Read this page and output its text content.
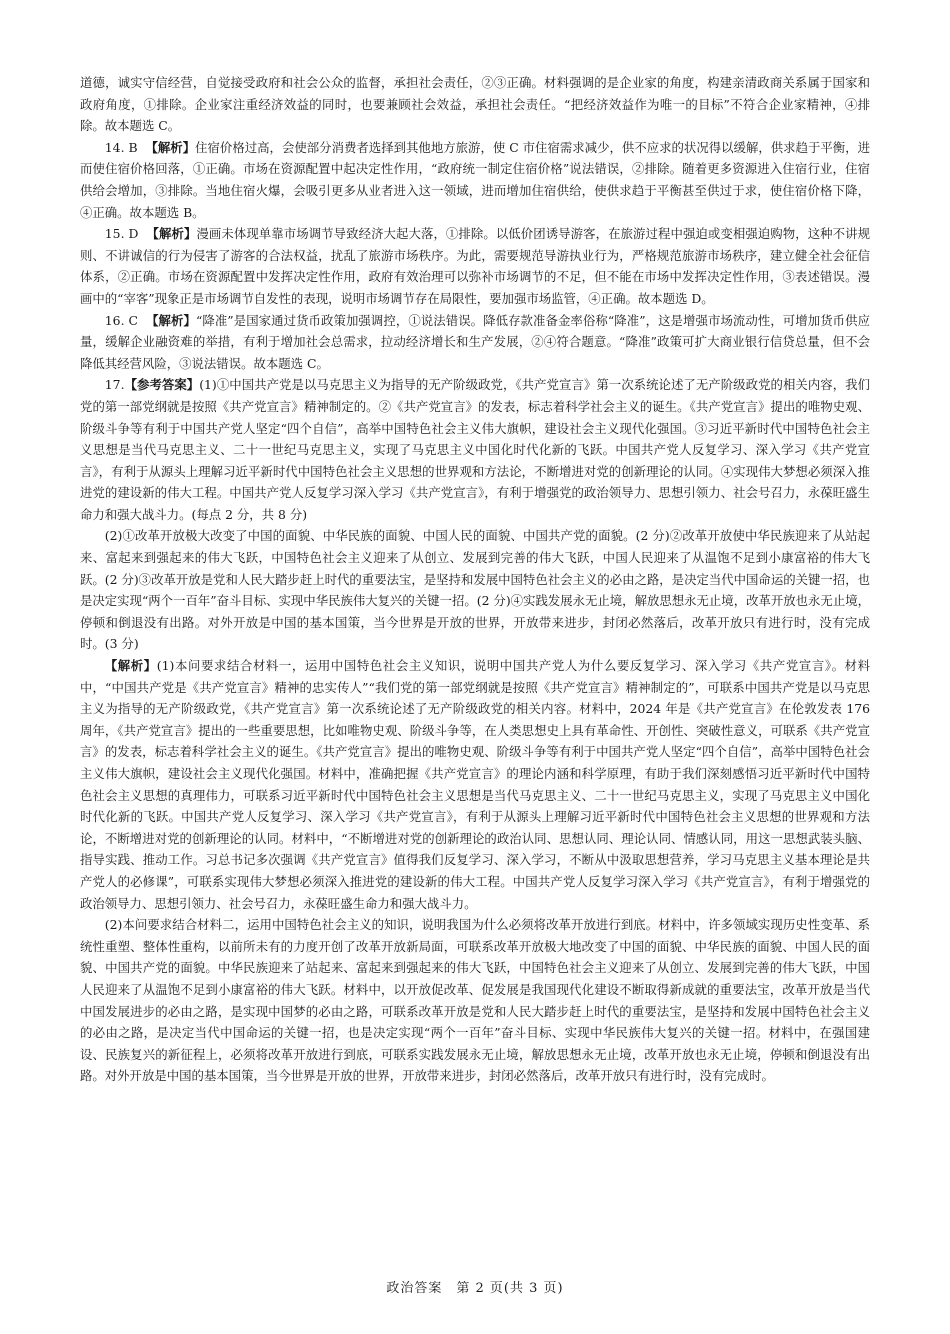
道德，诚实守信经营，自觉接受政府和社会公众的监督，承担社会责任，②③正确。材料强调的是企业家的角度，构建亲清政商关系属于国家和政府角度，①排除。企业家注重经济效益的同时，也要兼顾社会效益，承担社会责任。“把经济效益作为唯一的目标”不符合企业家精神，④排除。故本题选 C。

14. B 【解析】住宿价格过高，会使部分消费者选择到其他地方旅游，使 C 市住宿需求减少，供不应求的状况得以缓解，供求趋于平衡，进而使住宿价格回落，①正确。市场在资源配置中起决定性作用，“政府统一制定住宿价格”说法错误，②排除。随着更多资源进入住宿行业，住宿供给会增加，③排除。当地住宿火爆，会吸引更多从业者进入这一领域，进而增加住宿供给，使供求趋于平衡甚至供过于求，使住宿价格下降，④正确。故本题选 B。

15. D 【解析】漫画未体现单靠市场调节导致经济大起大落，①排除。以低价团诱导游客，在旅游过程中强迫或变相强迫购物，这种不讲规则、不讲诚信的行为侵害了游客的合法权益，扰乱了旅游市场秩序。为此，需要规范导游执业行为，严格规范旅游市场秩序，建立健全社会征信体系，②正确。市场在资源配置中发挥决定性作用，政府有效治理可以弥补市场调节的不足，但不能在市场中发挥决定性作用，③表述错误。漫画中的“宰客”现象正是市场调节自发性的表现，说明市场调节存在局限性，要加强市场监管，④正确。故本题选 D。

16. C 【解析】“降准”是国家通过货币政策加强调控，①说法错误。降低存款准备金率俗称“降准”，这是增强市场流动性，可增加货币供应量，缓解企业融资难的举措，有利于增加社会总需求，拉动经济增长和生产发展，②④符合题意。“降准”政策可扩大商业银行信贷总量，但不会降低其经营风险，③说法错误。故本题选 C。

17.【参考答案】(1)①中国共产党是以马克思主义为指导的无产阶级政党，《共产党宣言》第一次系统论述了无产阶级政党的相关内容，我们党的第一部党纲就是按照《共产党宣言》精神制定的。②《共产党宣言》的发表，标志着科学社会主义的诞生。《共产党宣言》提出的唯物史观、阶级斗争等有利于中国共产党人坚定“四个自信”，高举中国特色社会主义伟大旗帜，建设社会主义现代化强国。③习近平新时代中国特色社会主义思想是当代马克思主义、二十一世纪马克思主义，实现了马克思主义中国化时代化新的飞跃。中国共产党人反复学习、深入学习《共产党宣言》，有利于从源头上理解习近平新时代中国特色社会主义思想的世界观和方法论，不断增进对党的创新理论的认同。④实现伟大梦想必须深入推进党的建设新的伟大工程。中国共产党人反复学习深入学习《共产党宣言》，有利于增强党的政治领导力、思想引领力、社会号召力，永葆旺盛生命力和强大战斗力。(每点 2 分，共 8 分)

(2)①改革开放极大改变了中国的面貌、中华民族的面貌、中国人民的面貌、中国共产党的面貌。(2 分)②改革开放使中华民族迎来了从站起来、富起来到强起来的伟大飞跃，中国特色社会主义迎来了从创立、发展到完善的伟大飞跃，中国人民迎来了从温饱不足到小康富裕的伟大飞跃。(2 分)③改革开放是党和人民大踏步赶上时代的重要法宝，是坚持和发展中国特色社会主义的必由之路，是决定当代中国命运的关键一招，也是决定实现“两个一百年”奋斗目标、实现中华民族伟大复兴的关键一招。(2 分)④实践发展永无止境，解放思想永无止境，改革开放也永无止境，停顿和倒退没有出路。对外开放是中国的基本国策，当今世界是开放的世界，开放带来进步，封闭必然落后，改革开放只有进行时，没有完成时。(3 分)

【解析】(1)本问要求结合材料一，运用中国特色社会主义知识，说明中国共产党人为什么要反复学习、深入学习《共产党宣言》。材料中，“中国共产党是《共产党宣言》精神的忠实传人”“我们党的第一部党纲就是按照《共产党宣言》精神制定的”，可联系中国共产党是以马克思主义为指导的无产阶级政党，《共产党宣言》第一次系统论述了无产阶级政党的相关内容。材料中，2024 年是《共产党宣言》在伦敦发表 176 周年，《共产党宣言》提出的一些重要思想，比如唯物史观、阶级斗争等，在人类思想史上具有革命性、开创性、突破性意义，可联系《共产党宣言》的发表，标志着科学社会主义的诞生。《共产党宣言》提出的唯物史观、阶级斗争等有利于中国共产党人坚定“四个自信”，高举中国特色社会主义伟大旗帜，建设社会主义现代化强国。材料中，准确把握《共产党宣言》的理论内涵和科学原理，有助于我们深刻感悟习近平新时代中国特色社会主义思想的真理伟力，可联系习近平新时代中国特色社会主义思想是当代马克思主义、二十一世纪马克思主义，实现了马克思主义中国化时代化新的飞跃。中国共产党人反复学习、深入学习《共产党宣言》，有利于从源头上理解习近平新时代中国特色社会主义思想的世界观和方法论，不断增进对党的创新理论的认同。材料中，“不断增进对党的创新理论的政治认同、思想认同、理论认同、情感认同，用这一思想武装头脑、指导实践、推动工作。习总书记多次强调《共产党宣言》值得我们反复学习、深入学习，不断从中汲取思想营养，学习马克思主义基本理论是共产党人的必修课”，可联系实现伟大梦想必须深入推进党的建设新的伟大工程。中国共产党人反复学习深入学习《共产党宣言》，有利于增强党的政治领导力、思想引领力、社会号召力，永葆旺盛生命力和强大战斗力。

(2)本问要求结合材料二，运用中国特色社会主义的知识，说明我国为什么必须将改革开放进行到底。材料中，许多领域实现历史性变革、系统性重塑、整体性重构，以前所未有的力度开创了改革开放新局面，可联系改革开放极大地改变了中国的面貌、中华民族的面貌、中国人民的面貌、中国共产党的面貌。中华民族迎来了站起来、富起来到强起来的伟大飞跃，中国特色社会主义迎来了从创立、发展到完善的伟大飞跃，中国人民迎来了从温饱不足到小康富裕的伟大飞跃。材料中，以开放促改革、促发展是我国现代化建设不断取得新成就的重要法宝，改革开放是当代中国发展进步的必由之路，是实现中国梦的必由之路，可联系改革开放是党和人民大踏步赶上时代的重要法宝，是坚持和发展中国特色社会主义的必由之路，是决定当代中国命运的关键一招，也是决定实现“两个一百年”奋斗目标、实现中华民族伟大复兴的关键一招。材料中，在强国建设、民族复兴的新征程上，必须将改革开放进行到底，可联系实践发展永无止境，解放思想永无止境，改革开放也永无止境，停顿和倒退没有出路。对外开放是中国的基本国策，当今世界是开放的世界，开放带来进步，封闭必然落后，改革开放只有进行时，没有完成时。

政治答案　第 2 页(共 3 页)
